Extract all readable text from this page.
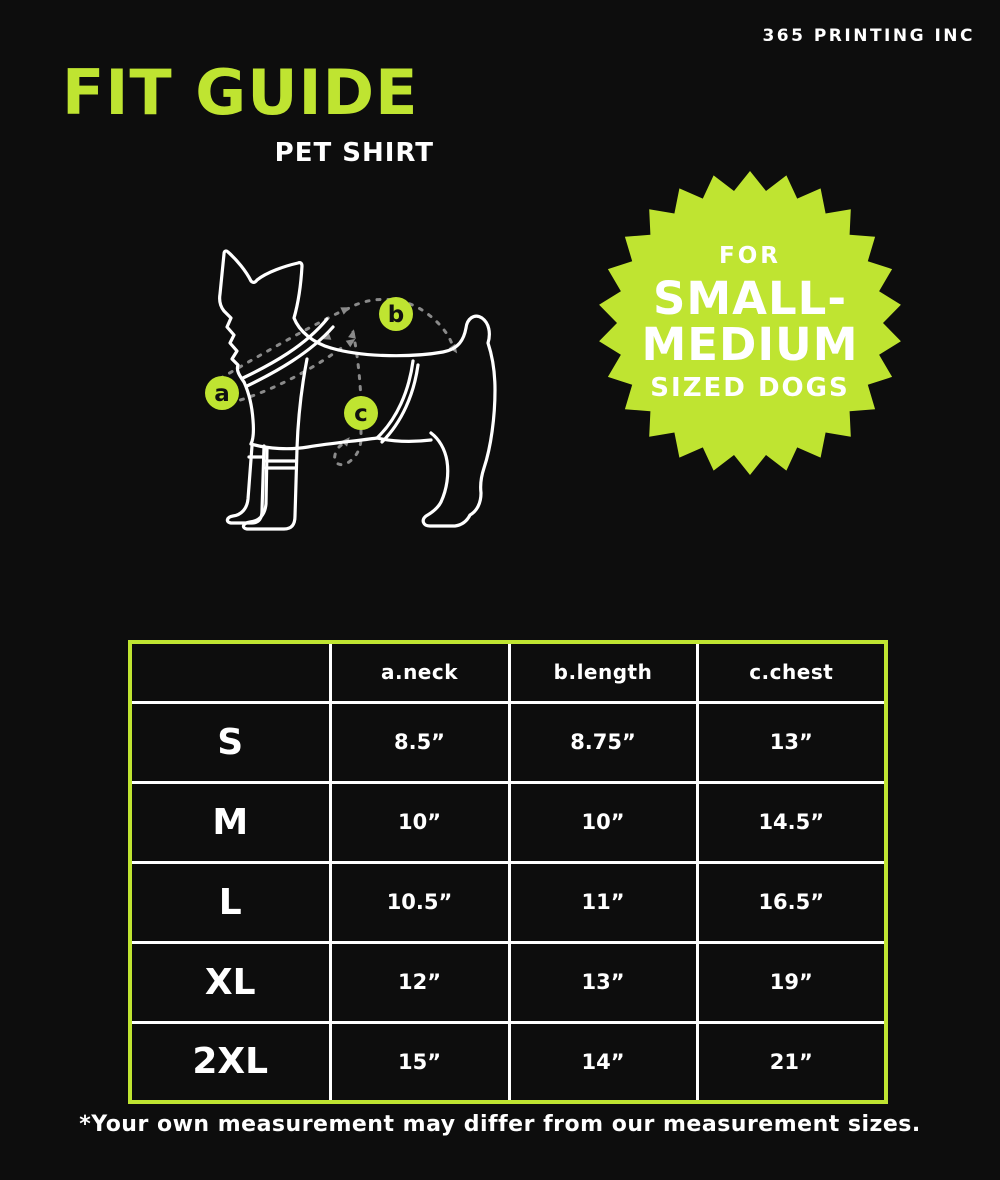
365 PRINTING INC
FIT GUIDE
PET SHIRT
a
b
c
FOR
SMALL-
MEDIUM
SIZED DOGS
	a.neck	b.length	c.chest
S	8.5”	8.75”	13”
M	10”	10”	14.5”
L	10.5”	11”	16.5”
XL	12”	13”	19”
2XL	15”	14”	21”
*Your own measurement may differ from our measurement sizes.
